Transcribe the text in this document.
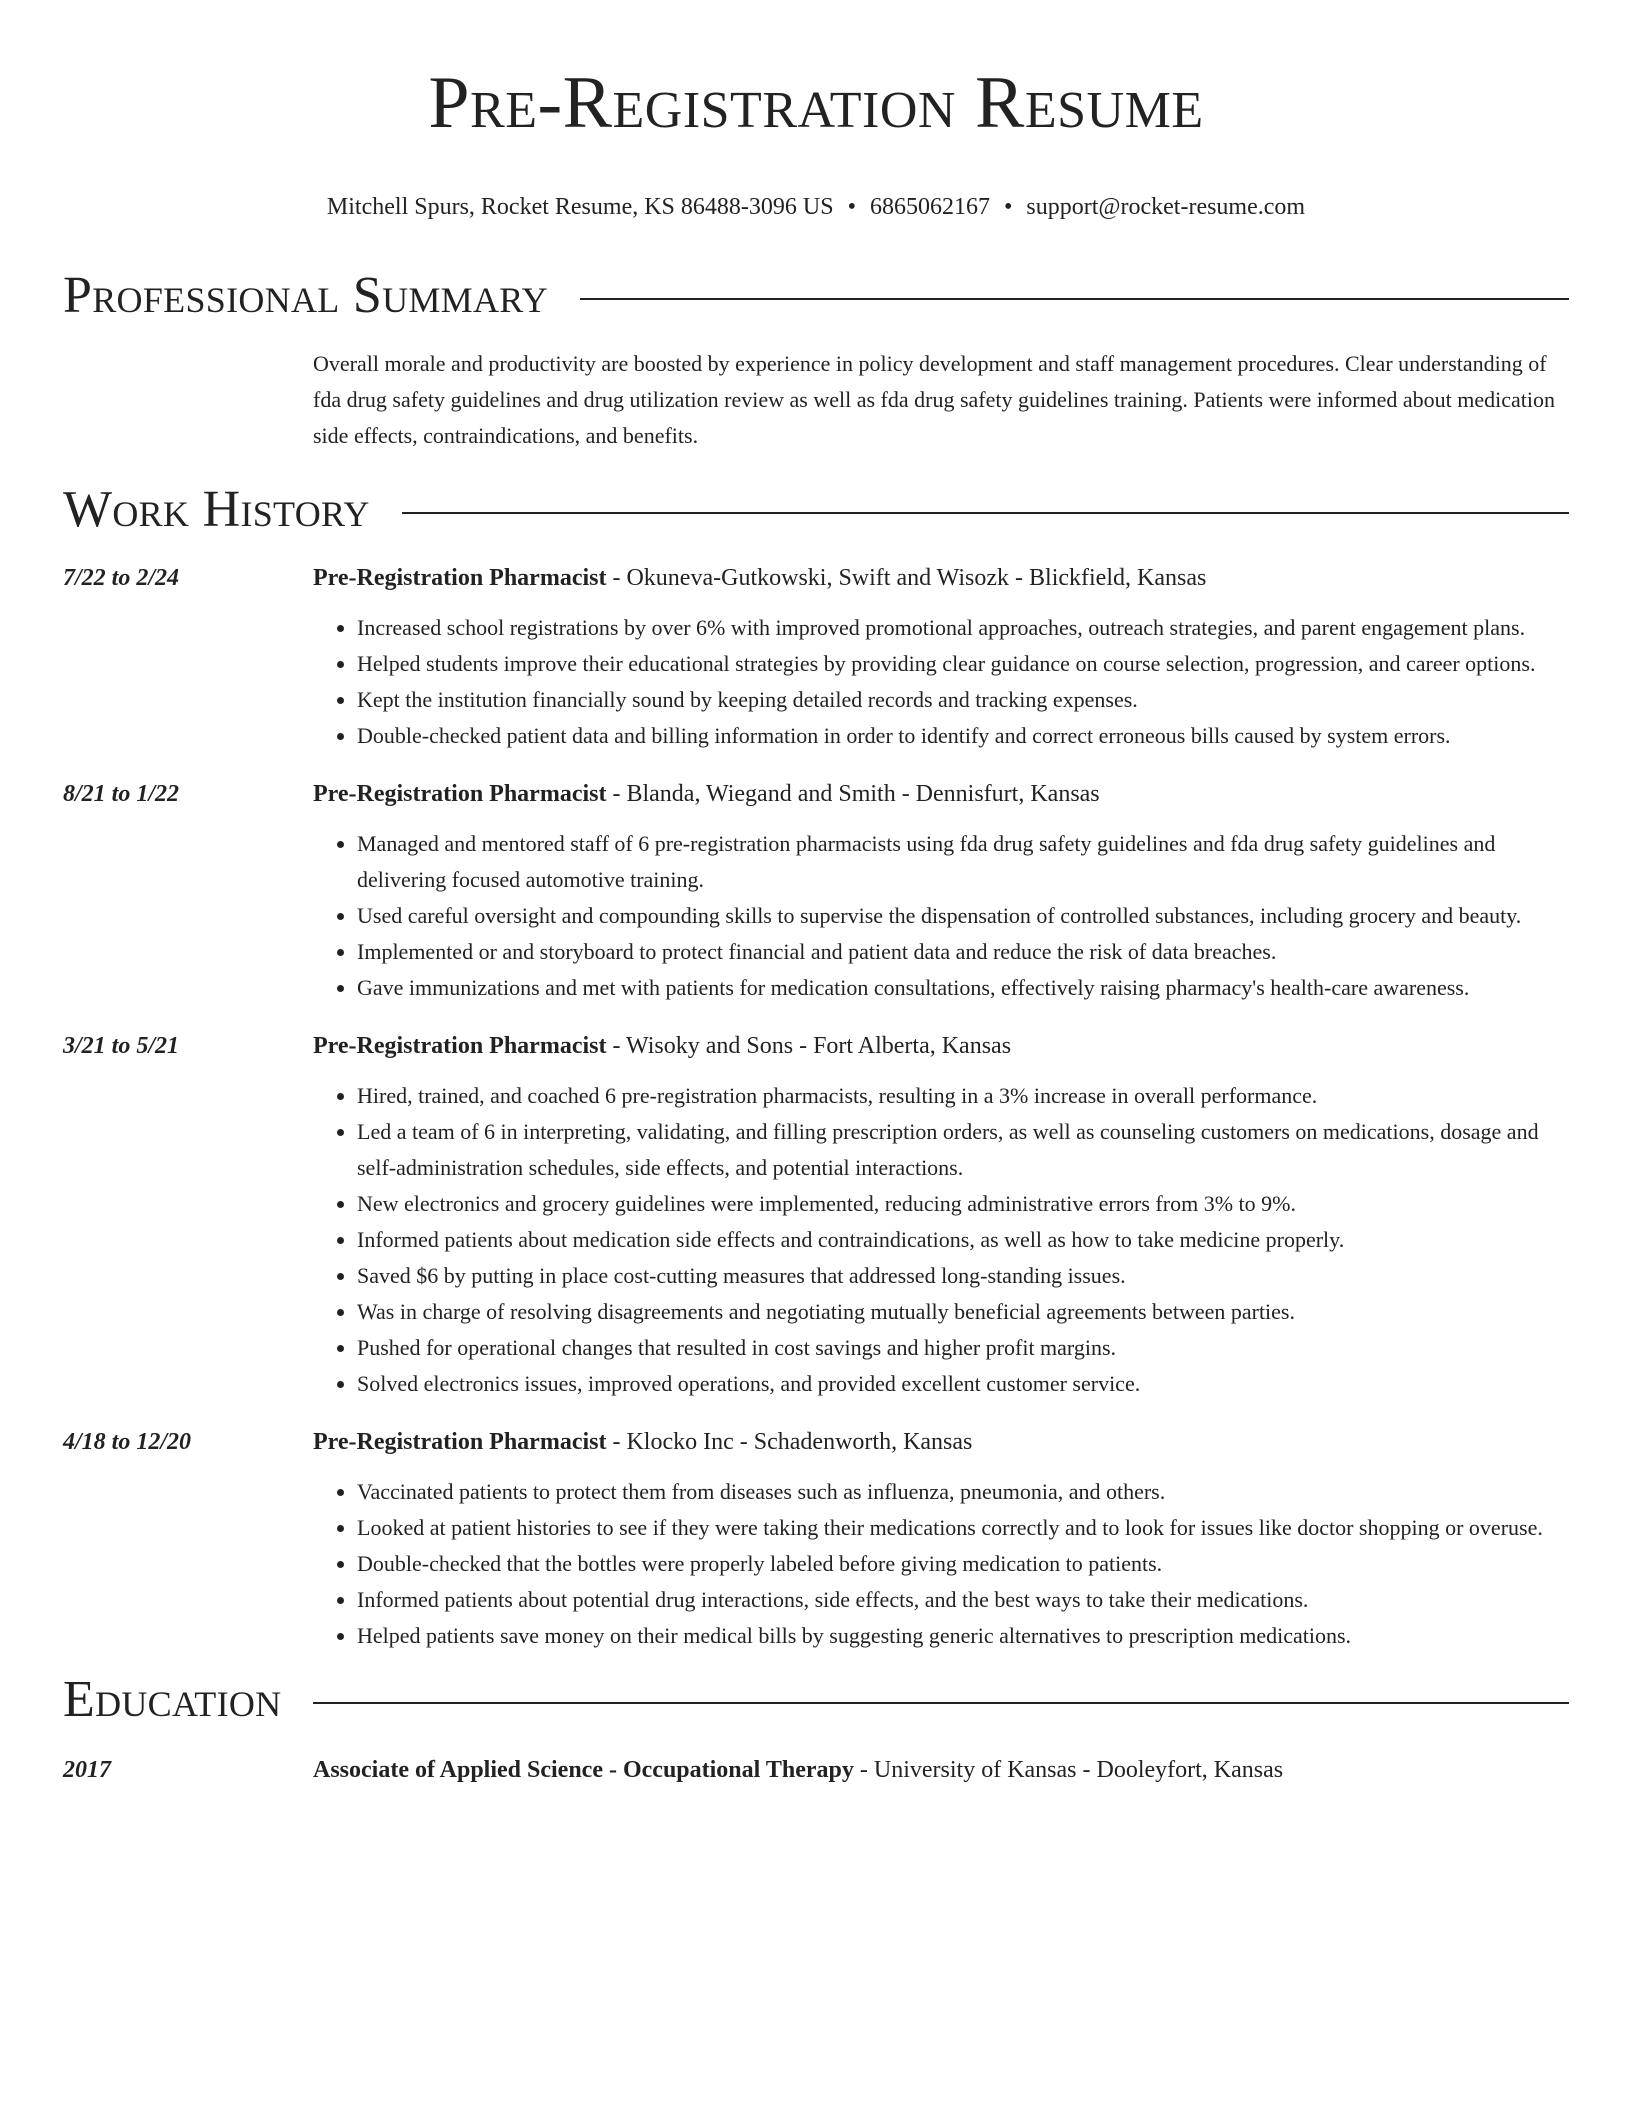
Pre-Registration Resume
Mitchell Spurs, Rocket Resume, KS 86488-3096 US • 6865062167 • support@rocket-resume.com
Professional Summary
Overall morale and productivity are boosted by experience in policy development and staff management procedures. Clear understanding of fda drug safety guidelines and drug utilization review as well as fda drug safety guidelines training. Patients were informed about medication side effects, contraindications, and benefits.
Work History
7/22 to 2/24	Pre-Registration Pharmacist - Okuneva-Gutkowski, Swift and Wisozk - Blickfield, Kansas
• Increased school registrations by over 6% with improved promotional approaches, outreach strategies, and parent engagement plans.
• Helped students improve their educational strategies by providing clear guidance on course selection, progression, and career options.
• Kept the institution financially sound by keeping detailed records and tracking expenses.
• Double-checked patient data and billing information in order to identify and correct erroneous bills caused by system errors.
8/21 to 1/22	Pre-Registration Pharmacist - Blanda, Wiegand and Smith - Dennisfurt, Kansas
• Managed and mentored staff of 6 pre-registration pharmacists using fda drug safety guidelines and fda drug safety guidelines and delivering focused automotive training.
• Used careful oversight and compounding skills to supervise the dispensation of controlled substances, including grocery and beauty.
• Implemented or and storyboard to protect financial and patient data and reduce the risk of data breaches.
• Gave immunizations and met with patients for medication consultations, effectively raising pharmacy's health-care awareness.
3/21 to 5/21	Pre-Registration Pharmacist - Wisoky and Sons - Fort Alberta, Kansas
• Hired, trained, and coached 6 pre-registration pharmacists, resulting in a 3% increase in overall performance.
• Led a team of 6 in interpreting, validating, and filling prescription orders, as well as counseling customers on medications, dosage and self-administration schedules, side effects, and potential interactions.
• New electronics and grocery guidelines were implemented, reducing administrative errors from 3% to 9%.
• Informed patients about medication side effects and contraindications, as well as how to take medicine properly.
• Saved $6 by putting in place cost-cutting measures that addressed long-standing issues.
• Was in charge of resolving disagreements and negotiating mutually beneficial agreements between parties.
• Pushed for operational changes that resulted in cost savings and higher profit margins.
• Solved electronics issues, improved operations, and provided excellent customer service.
4/18 to 12/20	Pre-Registration Pharmacist - Klocko Inc - Schadenworth, Kansas
• Vaccinated patients to protect them from diseases such as influenza, pneumonia, and others.
• Looked at patient histories to see if they were taking their medications correctly and to look for issues like doctor shopping or overuse.
• Double-checked that the bottles were properly labeled before giving medication to patients.
• Informed patients about potential drug interactions, side effects, and the best ways to take their medications.
• Helped patients save money on their medical bills by suggesting generic alternatives to prescription medications.
Education
2017	Associate of Applied Science - Occupational Therapy - University of Kansas - Dooleyfort, Kansas
